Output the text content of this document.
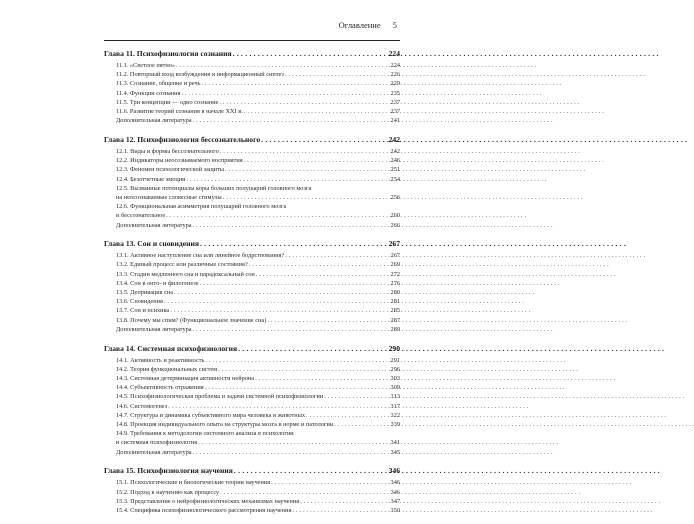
Оглавление 5
Глава 11. Психофизиология сознания . . .	224
11.1. «Светлое пятно» . . .	224
11.2. Повторный вход возбуждения и информационный синтез . . .	226
11.3. Сознание, общение и речь . . .	229
11.4. Функции сознания . . .	235
11.5. Три концепции — одно сознание . . .	237
11.6. Развитие теорий сознания в начале XXI в. . . .	237
Дополнительная литература . . .	241
Глава 12. Психофизиология бессознательного . . .	242
12.1. Виды и формы бессознательного . . .	242
12.2. Индикаторы неосознаваемого восприятия . . .	246
12.3. Феномен психологической защиты . . .	251
12.4. Безотчетные эмоции . . .	254
12.5. Вызванные потенциалы коры больших полушарий головного мозга
на неосознаваемые словесные стимулы . . .	256
12.6. Функциональная асимметрия полушарий головного мозга
и бессознательное . . .	260
Дополнительная литература . . .	266
Глава 13. Сон и сновидения . . .	267
13.1. Активное наступление сна или линейное бодрствования? . . .	267
13.2. Единый процесс или различные состояния? . . .	269
13.3. Стадии медленного сна и парадоксальный сон . . .	272
13.4. Сон в онто- и филогенезе . . .	276
13.5. Депривация сна . . .	280
13.6. Сновидения . . .	281
13.7. Сон и психика . . .	285
13.8. Почему мы спим? (Функциональное значение сна) . . .	287
Дополнительная литература . . .	289
Глава 14. Системная психофизиология . . .	290
14.1. Активность и реактивность . . .	291
14.2. Теория функциональных систем . . .	296
14.3. Системная детерминация активности нейрона . . .	303
14.4. Субъективность отражения . . .	309
14.5. Психофизиологическая проблема и задачи системной психофизиологии . . .	313
14.6. Системогенез . . .	317
14.7. Структура и динамика субъективного мира человека и животных . . .	322
14.8. Проекция индивидуального опыта на структуры мозга в норме и патологии . . .	339
14.9. Требования к методологии системного анализа в психологии
и системная психофизиология . . .	341
Дополнительная литература . . .	345
Глава 15. Психофизиология научения . . .	346
15.1. Психологические и биологические теории научения . . .	346
15.2. Подход к научению как процессу . . .	346
15.3. Представление о нейрофизиологических механизмах научения . . .	347
15.4. Специфика психофизиологического рассмотрения научения . . .	350
